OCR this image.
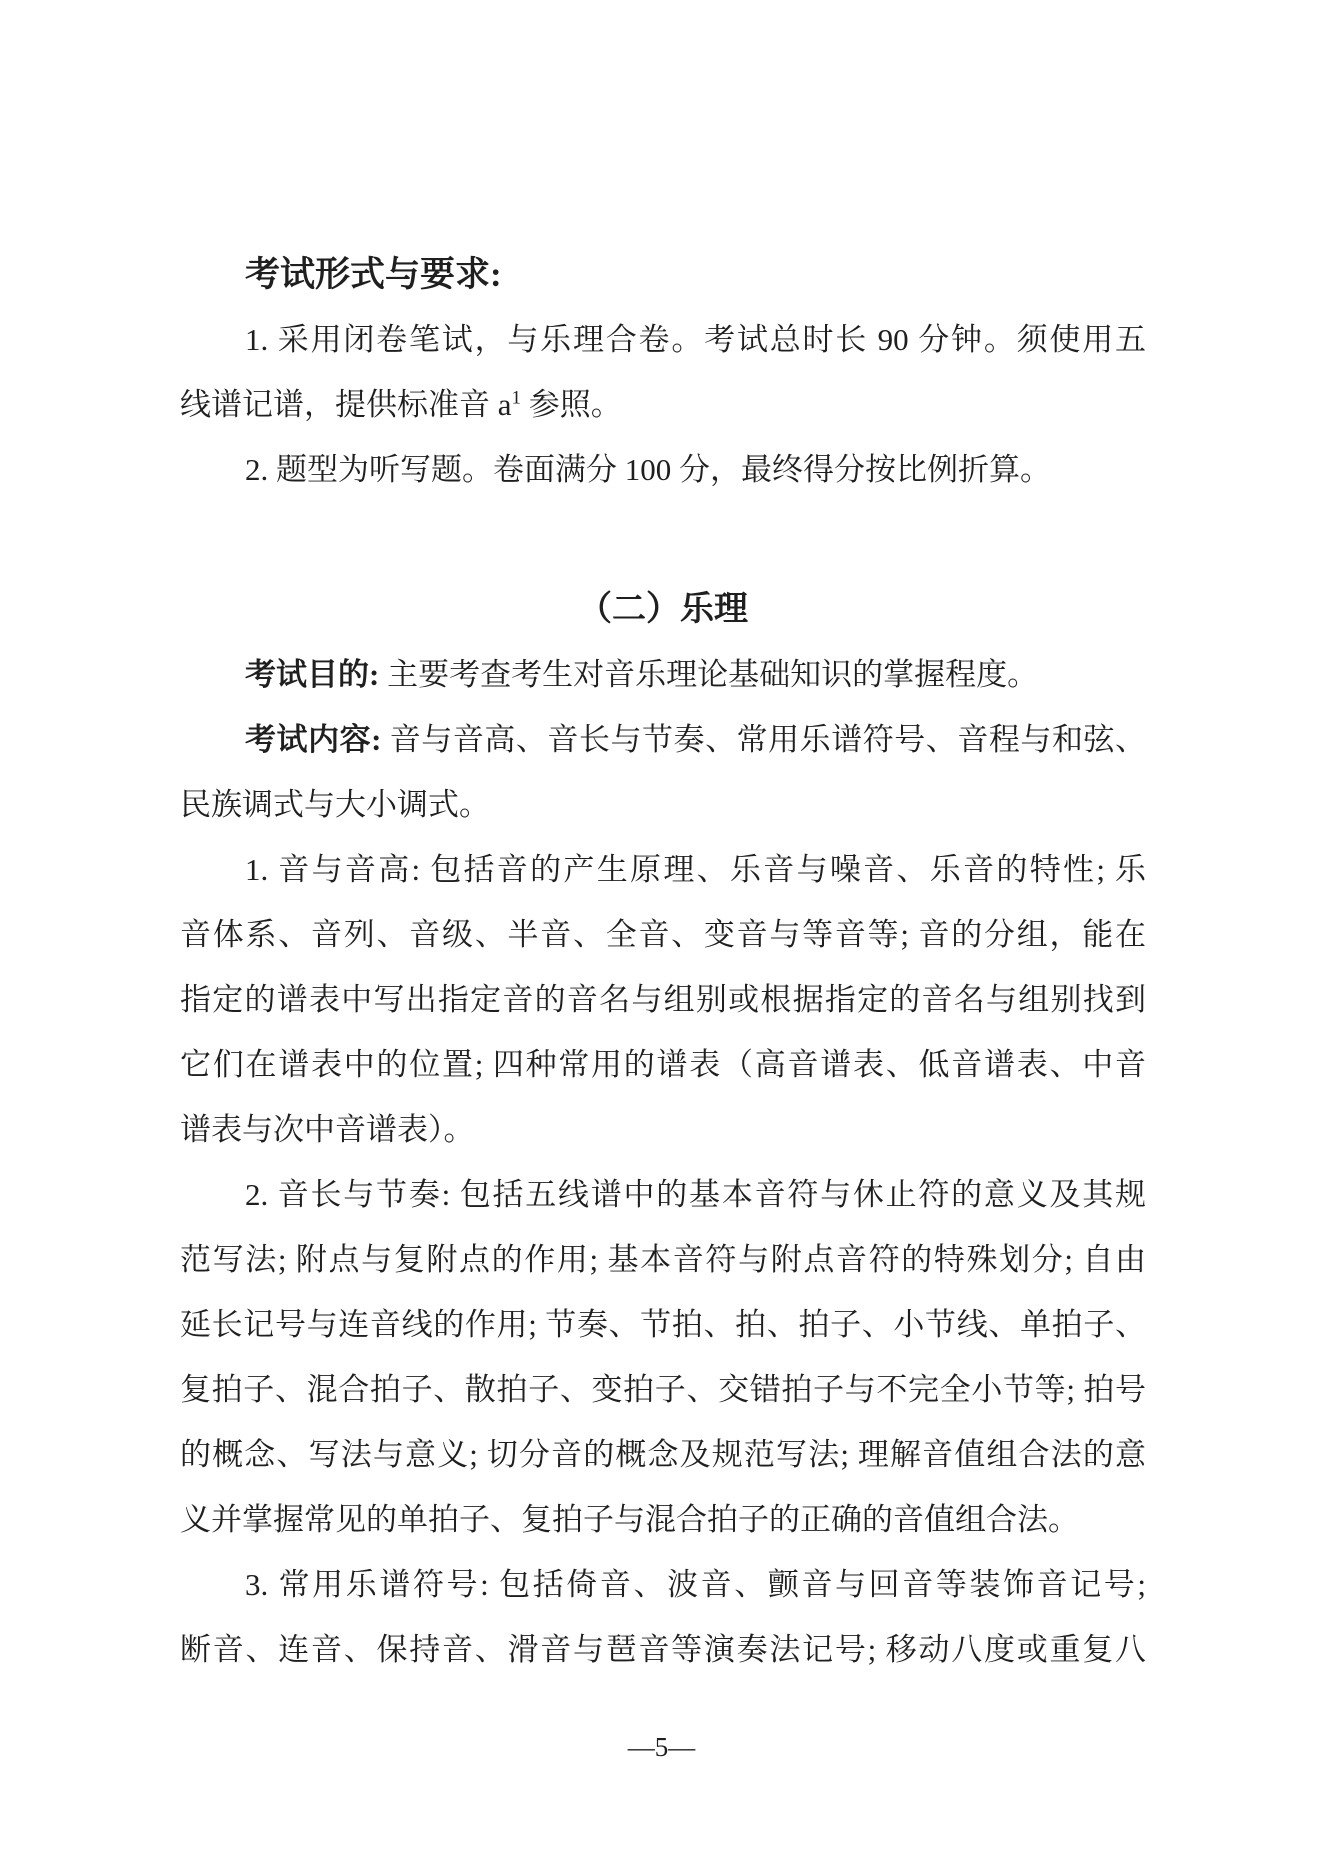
考试形式与要求:
1. 采用闭卷笔试，与乐理合卷。考试总时长 90 分钟。须使用五
线谱记谱，提供标准音 $a^1$ 参照。
2. 题型为听写题。卷面满分 100 分，最终得分按比例折算。
（二）乐理
考试目的: 主要考查考生对音乐理论基础知识的掌握程度。
考试内容: 音与音高、音长与节奏、常用乐谱符号、音程与和弦、
民族调式与大小调式。
1. 音与音高: 包括音的产生原理、乐音与噪音、乐音的特性; 乐
音体系、音列、音级、半音、全音、变音与等音等; 音的分组，能在
指定的谱表中写出指定音的音名与组别或根据指定的音名与组别找到
它们在谱表中的位置; 四种常用的谱表（高音谱表、低音谱表、中音
谱表与次中音谱表）。
2. 音长与节奏: 包括五线谱中的基本音符与休止符的意义及其规
范写法; 附点与复附点的作用; 基本音符与附点音符的特殊划分; 自由
延长记号与连音线的作用; 节奏、节拍、拍、拍子、小节线、单拍子、
复拍子、混合拍子、散拍子、变拍子、交错拍子与不完全小节等; 拍号
的概念、写法与意义; 切分音的概念及规范写法; 理解音值组合法的意
义并掌握常见的单拍子、复拍子与混合拍子的正确的音值组合法。
3. 常用乐谱符号: 包括倚音、波音、颤音与回音等装饰音记号;
断音、连音、保持音、滑音与琶音等演奏法记号; 移动八度或重复八
—5—
